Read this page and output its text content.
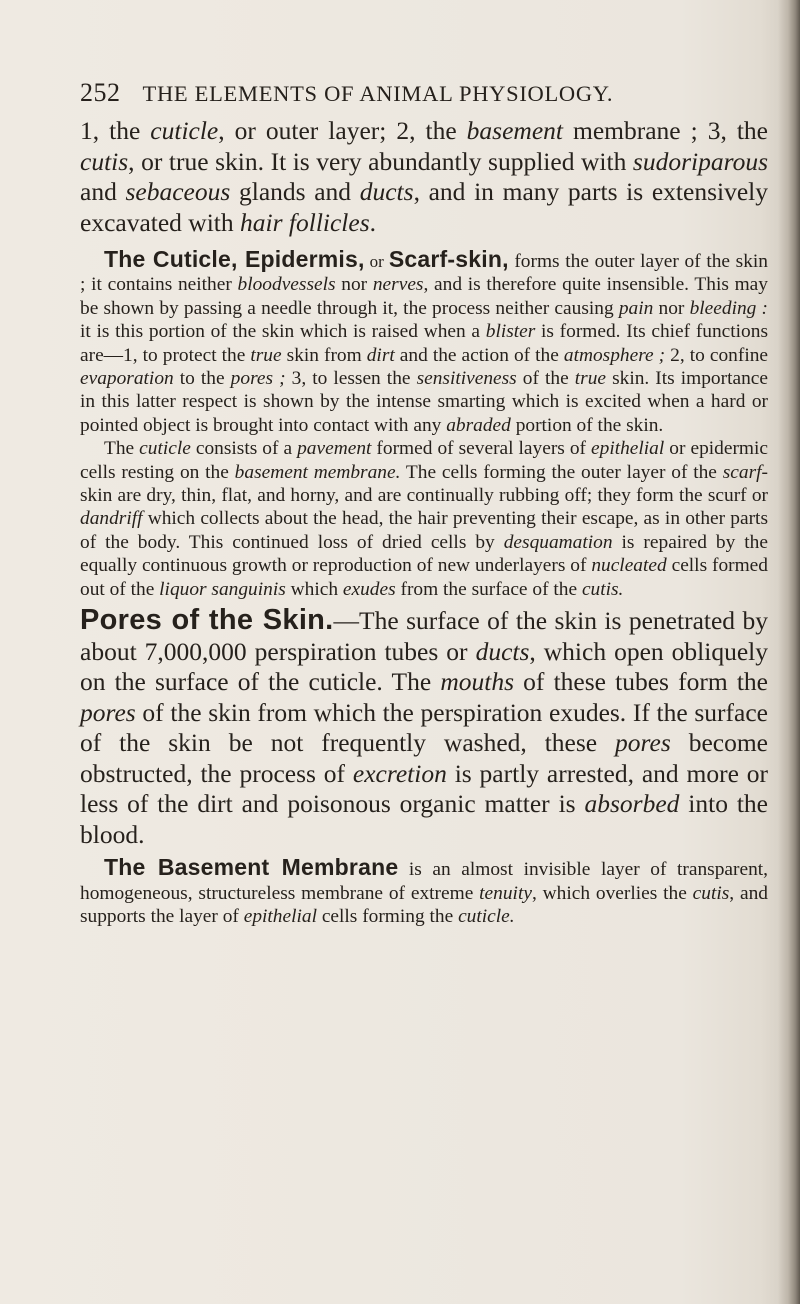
252 THE ELEMENTS OF ANIMAL PHYSIOLOGY.

1, the cuticle, or outer layer; 2, the basement membrane ; 3, the cutis, or true skin. It is very abundantly supplied with sudoriparous and sebaceous glands and ducts, and in many parts is extensively excavated with hair follicles.

The Cuticle, Epidermis, or Scarf-skin, forms the outer layer of the skin ; it contains neither bloodvessels nor nerves, and is therefore quite insensible. This may be shown by passing a needle through it, the process neither causing pain nor bleeding : it is this portion of the skin which is raised when a blister is formed. Its chief functions are—1, to protect the true skin from dirt and the action of the atmosphere ; 2, to confine evaporation to the pores ; 3, to lessen the sensitiveness of the true skin. Its importance in this latter respect is shown by the intense smarting which is excited when a hard or pointed object is brought into contact with any abraded portion of the skin.

The cuticle consists of a pavement formed of several layers of epithelial or epidermic cells resting on the basement membrane. The cells forming the outer layer of the scarf-skin are dry, thin, flat, and horny, and are continually rubbing off; they form the scurf or dandriff which collects about the head, the hair preventing their escape, as in other parts of the body. This continued loss of dried cells by desquamation is repaired by the equally continuous growth or reproduction of new underlayers of nucleated cells formed out of the liquor sanguinis which exudes from the surface of the cutis.

Pores of the Skin.—The surface of the skin is penetrated by about 7,000,000 perspiration tubes or ducts, which open obliquely on the surface of the cuticle. The mouths of these tubes form the pores of the skin from which the perspiration exudes. If the surface of the skin be not frequently washed, these pores become obstructed, the process of excretion is partly arrested, and more or less of the dirt and poisonous organic matter is absorbed into the blood.

The Basement Membrane is an almost invisible layer of transparent, homogeneous, structureless membrane of extreme tenuity, which overlies the cutis, and supports the layer of epithelial cells forming the cuticle.
